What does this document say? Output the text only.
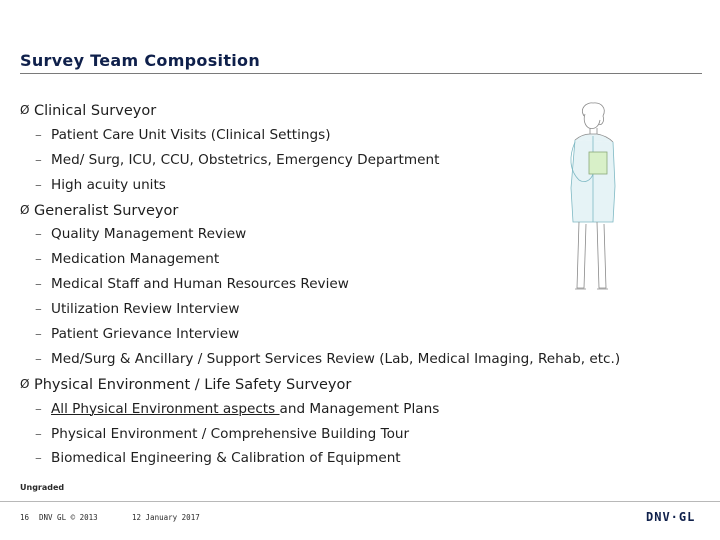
Survey Team Composition
Ø Clinical Surveyor
– Patient Care Unit Visits (Clinical Settings)
– Med/ Surg, ICU, CCU, Obstetrics, Emergency Department
– High acuity units
Ø Generalist Surveyor
– Quality Management Review
– Medication Management
– Medical Staff and Human Resources Review
– Utilization Review Interview
– Patient Grievance Interview
– Med/Surg & Ancillary / Support Services Review (Lab, Medical Imaging, Rehab, etc.)
Ø Physical Environment / Life Safety Surveyor
– All Physical Environment aspects and Management Plans
– Physical Environment / Comprehensive Building Tour
– Biomedical Engineering & Calibration of Equipment
Ungraded
16 DNV GL © 2013	12 January 2017	DNV·GL
